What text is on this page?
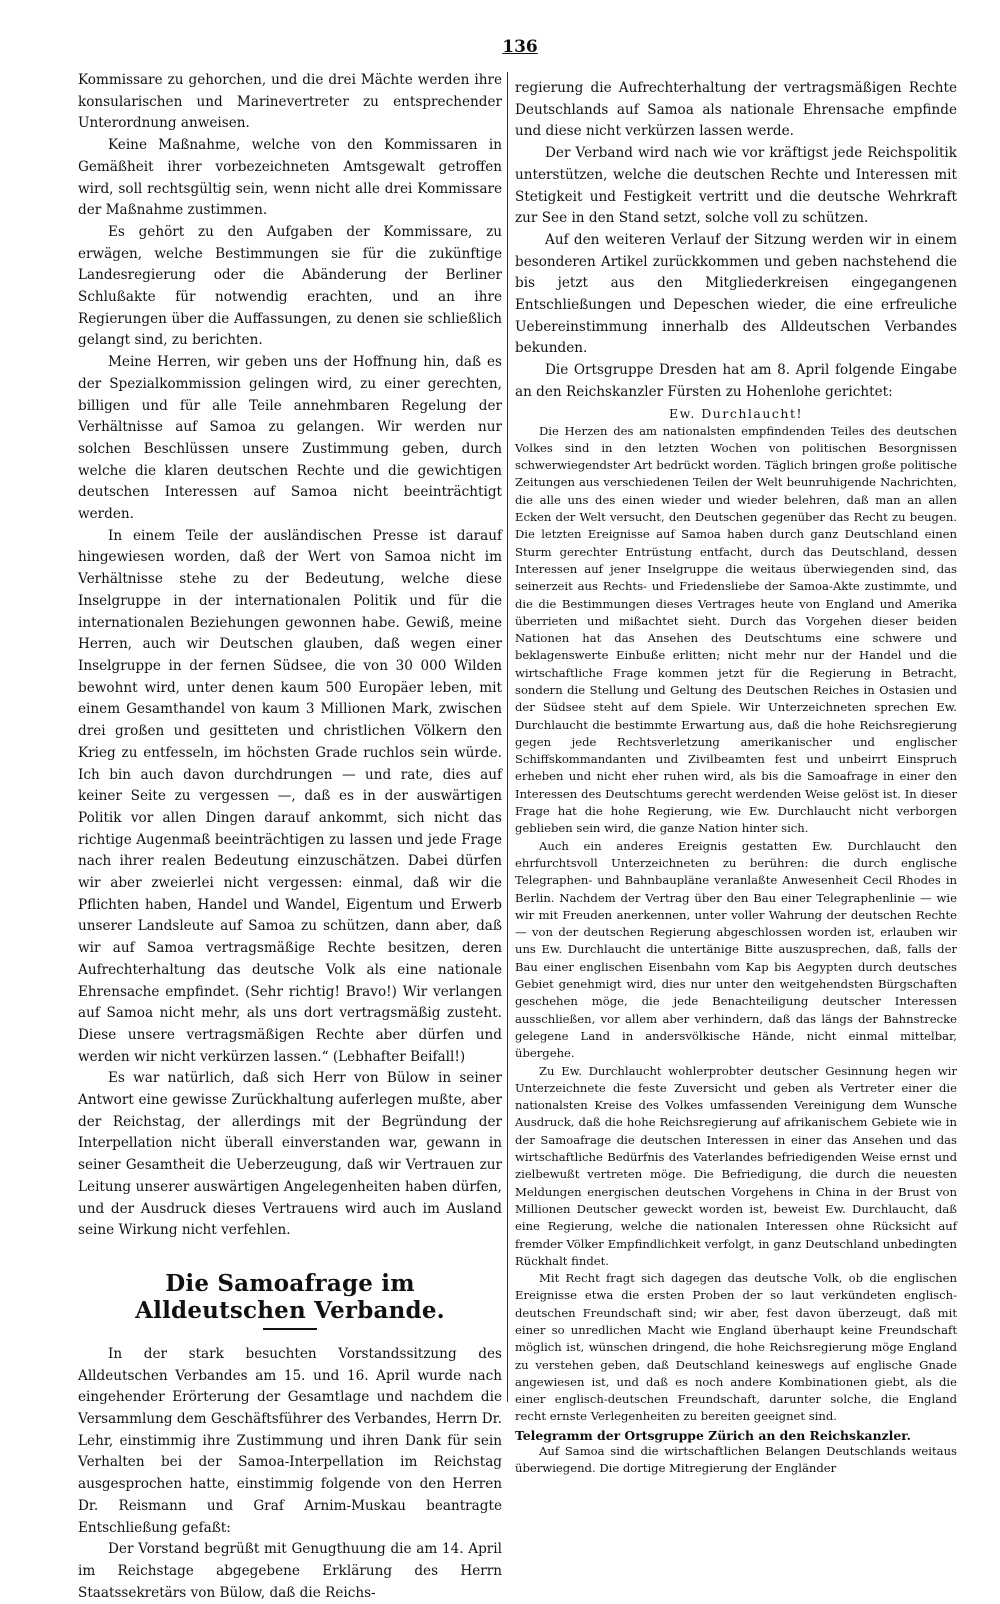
136

Kommissare zu gehorchen, und die drei Mächte werden ihre konsularischen und Marinevertreter zu entsprechender Unterordnung anweisen.

Keine Maßnahme, welche von den Kommissaren in Gemäßheit ihrer vorbezeichneten Amtsgewalt getroffen wird, soll rechtsgültig sein, wenn nicht alle drei Kommissare der Maßnahme zustimmen.

Es gehört zu den Aufgaben der Kommissare, zu erwägen, welche Bestimmungen sie für die zukünftige Landesregierung oder die Abänderung der Berliner Schlußakte für notwendig erachten, und an ihre Regierungen über die Auffassungen, zu denen sie schließlich gelangt sind, zu berichten.

Meine Herren, wir geben uns der Hoffnung hin, daß es der Spezialkommission gelingen wird, zu einer gerechten, billigen und für alle Teile annehmbaren Regelung der Verhältnisse auf Samoa zu gelangen. Wir werden nur solchen Beschlüssen unsere Zustimmung geben, durch welche die klaren deutschen Rechte und die gewichtigen deutschen Interessen auf Samoa nicht beeinträchtigt werden.

In einem Teile der ausländischen Presse ist darauf hingewiesen worden, daß der Wert von Samoa nicht im Verhältnisse stehe zu der Bedeutung, welche diese Inselgruppe in der internationalen Politik und für die internationalen Beziehungen gewonnen habe. Gewiß, meine Herren, auch wir Deutschen glauben, daß wegen einer Inselgruppe in der fernen Südsee, die von 30 000 Wilden bewohnt wird, unter denen kaum 500 Europäer leben, mit einem Gesamthandel von kaum 3 Millionen Mark, zwischen drei großen und gesitteten und christlichen Völkern den Krieg zu entfesseln, im höchsten Grade ruchlos sein würde. Ich bin auch davon durchdrungen — und rate, dies auf keiner Seite zu vergessen —, daß es in der auswärtigen Politik vor allen Dingen darauf ankommt, sich nicht das richtige Augenmaß beeinträchtigen zu lassen und jede Frage nach ihrer realen Bedeutung einzuschätzen. Dabei dürfen wir aber zweierlei nicht vergessen: einmal, daß wir die Pflichten haben, Handel und Wandel, Eigentum und Erwerb unserer Landsleute auf Samoa zu schützen, dann aber, daß wir auf Samoa vertragsmäßige Rechte besitzen, deren Aufrechterhaltung das deutsche Volk als eine nationale Ehrensache empfindet. (Sehr richtig! Bravo!) Wir verlangen auf Samoa nicht mehr, als uns dort vertragsmäßig zusteht. Diese unsere vertragsmäßigen Rechte aber dürfen und werden wir nicht verkürzen lassen.“ (Lebhafter Beifall!)

Es war natürlich, daß sich Herr von Bülow in seiner Antwort eine gewisse Zurückhaltung auferlegen mußte, aber der Reichstag, der allerdings mit der Begründung der Interpellation nicht überall einverstanden war, gewann in seiner Gesamtheit die Ueberzeugung, daß wir Vertrauen zur Leitung unserer auswärtigen Angelegenheiten haben dürfen, und der Ausdruck dieses Vertrauens wird auch im Ausland seine Wirkung nicht verfehlen.

Die Samoafrage im Alldeutschen Verbande.

In der stark besuchten Vorstandssitzung des Alldeutschen Verbandes am 15. und 16. April wurde nach eingehender Erörterung der Gesamtlage und nachdem die Versammlung dem Geschäftsführer des Verbandes, Herrn Dr. Lehr, einstimmig ihre Zustimmung und ihren Dank für sein Verhalten bei der Samoa-Interpellation im Reichstag ausgesprochen hatte, einstimmig folgende von den Herren Dr. Reismann und Graf Arnim-Muskau beantragte Entschließung gefaßt:

Der Vorstand begrüßt mit Genugthuung die am 14. April im Reichstage abgegebene Erklärung des Herrn Staatssekretärs von Bülow, daß die Reichs-

regierung die Aufrechterhaltung der vertragsmäßigen Rechte Deutschlands auf Samoa als nationale Ehrensache empfinde und diese nicht verkürzen lassen werde.

Der Verband wird nach wie vor kräftigst jede Reichspolitik unterstützen, welche die deutschen Rechte und Interessen mit Stetigkeit und Festigkeit vertritt und die deutsche Wehrkraft zur See in den Stand setzt, solche voll zu schützen.

Auf den weiteren Verlauf der Sitzung werden wir in einem besonderen Artikel zurückkommen und geben nachstehend die bis jetzt aus den Mitgliederkreisen eingegangenen Entschließungen und Depeschen wieder, die eine erfreuliche Uebereinstimmung innerhalb des Alldeutschen Verbandes bekunden.

Die Ortsgruppe Dresden hat am 8. April folgende Eingabe an den Reichskanzler Fürsten zu Hohenlohe gerichtet:

Ew. Durchlaucht!

Die Herzen des am nationalsten empfindenden Teiles des deutschen Volkes sind in den letzten Wochen von politischen Besorgnissen schwerwiegendster Art bedrückt worden. Täglich bringen große politische Zeitungen aus verschiedenen Teilen der Welt beunruhigende Nachrichten, die alle uns des einen wieder und wieder belehren, daß man an allen Ecken der Welt versucht, den Deutschen gegenüber das Recht zu beugen. Die letzten Ereignisse auf Samoa haben durch ganz Deutschland einen Sturm gerechter Entrüstung entfacht, durch das Deutschland, dessen Interessen auf jener Inselgruppe die weitaus überwiegenden sind, das seinerzeit aus Rechts- und Friedensliebe der Samoa-Akte zustimmte, und die die Bestimmungen dieses Vertrages heute von England und Amerika überrieten und mißachtet sieht. Durch das Vorgehen dieser beiden Nationen hat das Ansehen des Deutschtums eine schwere und beklagenswerte Einbuße erlitten; nicht mehr nur der Handel und die wirtschaftliche Frage kommen jetzt für die Regierung in Betracht, sondern die Stellung und Geltung des Deutschen Reiches in Ostasien und der Südsee steht auf dem Spiele. Wir Unterzeichneten sprechen Ew. Durchlaucht die bestimmte Erwartung aus, daß die hohe Reichsregierung gegen jede Rechtsverletzung amerikanischer und englischer Schiffskommandanten und Zivilbeamten fest und unbeirrt Einspruch erheben und nicht eher ruhen wird, als bis die Samoafrage in einer den Interessen des Deutschtums gerecht werdenden Weise gelöst ist. In dieser Frage hat die hohe Regierung, wie Ew. Durchlaucht nicht verborgen geblieben sein wird, die ganze Nation hinter sich.

Auch ein anderes Ereignis gestatten Ew. Durchlaucht den ehrfurchtsvoll Unterzeichneten zu berühren: die durch englische Telegraphen- und Bahnbaupläne veranlaßte Anwesenheit Cecil Rhodes in Berlin. Nachdem der Vertrag über den Bau einer Telegraphenlinie — wie wir mit Freuden anerkennen, unter voller Wahrung der deutschen Rechte — von der deutschen Regierung abgeschlossen worden ist, erlauben wir uns Ew. Durchlaucht die untertänige Bitte auszusprechen, daß, falls der Bau einer englischen Eisenbahn vom Kap bis Aegypten durch deutsches Gebiet genehmigt wird, dies nur unter den weitgehendsten Bürgschaften geschehen möge, die jede Benachteiligung deutscher Interessen ausschließen, vor allem aber verhindern, daß das längs der Bahnstrecke gelegene Land in andersvölkische Hände, nicht einmal mittelbar, übergehe.

Zu Ew. Durchlaucht wohlerprobter deutscher Gesinnung hegen wir Unterzeichnete die feste Zuversicht und geben als Vertreter einer die nationalsten Kreise des Volkes umfassenden Vereinigung dem Wunsche Ausdruck, daß die hohe Reichsregierung auf afrikanischem Gebiete wie in der Samoafrage die deutschen Interessen in einer das Ansehen und das wirtschaftliche Bedürfnis des Vaterlandes befriedigenden Weise ernst und zielbewußt vertreten möge. Die Befriedigung, die durch die neuesten Meldungen energischen deutschen Vorgehens in China in der Brust von Millionen Deutscher geweckt worden ist, beweist Ew. Durchlaucht, daß eine Regierung, welche die nationalen Interessen ohne Rücksicht auf fremder Völker Empfindlichkeit verfolgt, in ganz Deutschland unbedingten Rückhalt findet.

Mit Recht fragt sich dagegen das deutsche Volk, ob die englischen Ereignisse etwa die ersten Proben der so laut verkündeten englisch-deutschen Freundschaft sind; wir aber, fest davon überzeugt, daß mit einer so unredlichen Macht wie England überhaupt keine Freundschaft möglich ist, wünschen dringend, die hohe Reichsregierung möge England zu verstehen geben, daß Deutschland keineswegs auf englische Gnade angewiesen ist, und daß es noch andere Kombinationen giebt, als die einer englisch-deutschen Freundschaft, darunter solche, die England recht ernste Verlegenheiten zu bereiten geeignet sind.

Telegramm der Ortsgruppe Zürich an den Reichskanzler.

Auf Samoa sind die wirtschaftlichen Belangen Deutschlands weitaus überwiegend. Die dortige Mitregierung der Engländer
